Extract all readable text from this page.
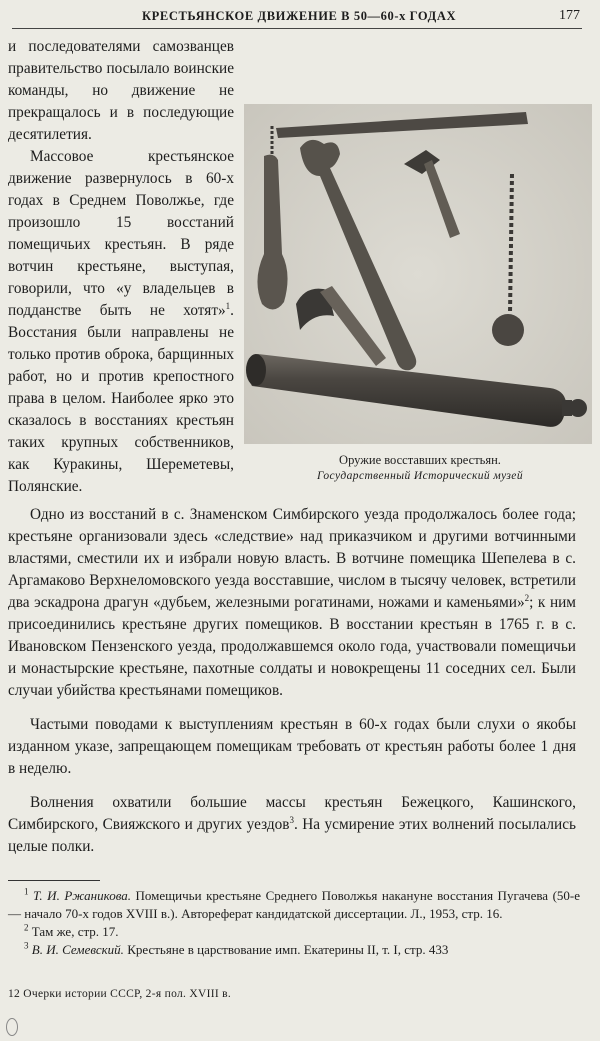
КРЕСТЬЯНСКОЕ ДВИЖЕНИЕ В 50—60-х ГОДАХ	177

и последователями самозванцев правительство посылало воинские команды, но движение не прекращалось и в последующие десятилетия.

Массовое крестьянское движение развернулось в 60-х годах в Среднем Поволжье, где произошло 15 восстаний помещичьих крестьян. В ряде вотчин крестьяне, выступая, говорили, что «у владельцев в подданстве быть не хотят»$^1$. Восстания были направлены не только против оброка, барщинных работ, но и против крепостного права в целом. Наиболее ярко это сказалось в восстаниях крестьян таких крупных собственников, как Куракины, Шереметевы, Полянские.

Оружие восставших крестьян.
Государственный Исторический музей

Одно из восстаний в с. Знаменском Симбирского уезда продолжалось более года; крестьяне организовали здесь «следствие» над приказчиком и другими вотчинными властями, сместили их и избрали новую власть. В вотчине помещика Шепелева в с. Аргамаково Верхнеломовского уезда восставшие, числом в тысячу человек, встретили два эскадрона драгун «дубьем, железными рогатинами, ножами и каменьями»$^2$; к ним присоединились крестьяне других помещиков. В восстании крестьян в 1765 г. в с. Ивановском Пензенского уезда, продолжавшемся около года, участвовали помещичьи и монастырские крестьяне, пахотные солдаты и новокрещены 11 соседних сел. Были случаи убийства крестьянами помещиков.

Частыми поводами к выступлениям крестьян в 60-х годах были слухи о якобы изданном указе, запрещающем помещикам требовать от крестьян работы более 1 дня в неделю.

Волнения охватили большие массы крестьян Бежецкого, Кашинского, Симбирского, Свияжского и других уездов$^3$. На усмирение этих волнений посылались целые полки.

$^1$ Т. И. Ржаникова. Помещичьи крестьяне Среднего Поволжья накануне восстания Пугачева (50-е — начало 70-х годов XVIII в.). Автореферат кандидатской диссертации. Л., 1953, стр. 16.

$^2$ Там же, стр. 17.

$^3$ В. И. Семевский. Крестьяне в царствование имп. Екатерины II, т. I, стр. 433

12 Очерки истории СССР, 2-я пол. XVIII в.
